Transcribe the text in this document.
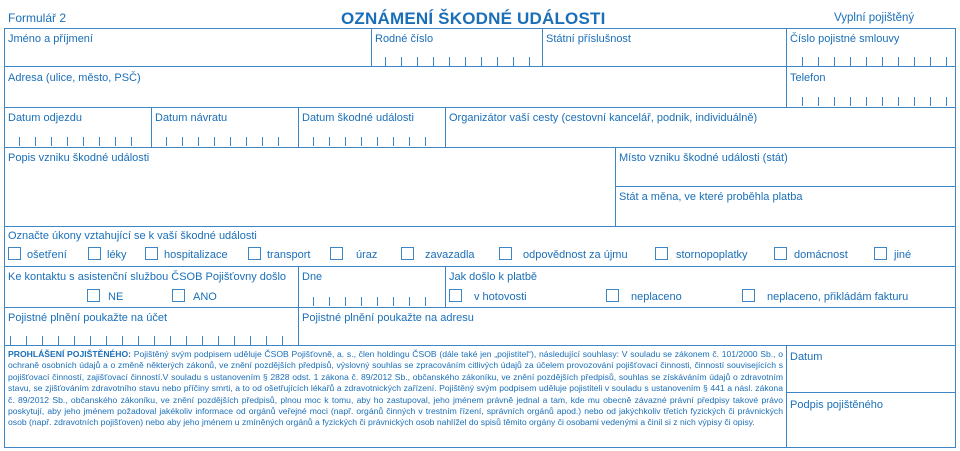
Formulář 2	OZNÁMENÍ ŠKODNÉ UDÁLOSTI	Vyplní pojištěný
Jméno a příjmení	Rodné číslo	Státní příslušnost	Číslo pojistné smlouvy
Adresa (ulice, město, PSČ)	Telefon
Datum odjezdu	Datum návratu	Datum škodné události	Organizátor vaší cesty (cestovní kancelář, podnik, individuálně)
Popis vzniku škodné události	Místo vzniku škodné události (stát)
Stát a měna, ve které proběhla platba
Označte úkony vztahující se k vaší škodné události
ošetření	léky	hospitalizace	transport	úraz	zavazadla	odpovědnost za újmu	stornopoplatky	domácnost	jiné
Ke kontaktu s asistenční službou ČSOB Pojišťovny došlo
NE	ANO
Dne	Jak došlo k platbě
v hotovosti	neplaceno	neplaceno, přikládám fakturu
Pojistné plnění poukažte na účet	Pojistné plnění poukažte na adresu
PROHLÁŠENÍ POJIŠTĚNÉHO: Pojištěný svým podpisem uděluje ČSOB Pojišťovně, a. s., člen holdingu ČSOB (dále také jen „pojistitel“), následující souhlasy: V souladu se zákonem č. 101/2000 Sb., o ochraně osobních údajů a o změně některých zákonů, ve znění pozdějších předpisů, výslovný souhlas se zpracováním citlivých údajů za účelem provozování pojišťovací činnosti, činností souvisejících s pojišťovací činností, zajišťovací činností.V souladu s ustanovením § 2828 odst. 1 zákona č. 89/2012 Sb., občanského zákoníku, ve znění pozdějších předpisů, souhlas se získáváním údajů o zdravotním stavu, se zjišťováním zdravotního stavu nebo příčiny smrti, a to od ošetřujících lékařů a zdravotnických zařízení. Pojištěný svým podpisem uděluje pojistiteli v souladu s ustanovením § 441 a násl. zákona č. 89/2012 Sb., občanského zákoníku, ve znění pozdějších předpisů, plnou moc k tomu, aby ho zastupoval, jeho jménem právně jednal a tam, kde mu obecně závazné právní předpisy takové právo poskytují, aby jeho jménem požadoval jakékoliv informace od orgánů veřejné moci (např. orgánů činných v trestním řízení, správních orgánů apod.) nebo od jakýchkoliv třetích fyzických či právnických osob (např. zdravotních pojišťoven) nebo aby jeho jménem u zmíněných orgánů a fyzických či právnických osob nahlížel do spisů těmito orgány či osobami vedenými a činil si z nich výpisy či opisy.
Datum
Podpis pojištěného
